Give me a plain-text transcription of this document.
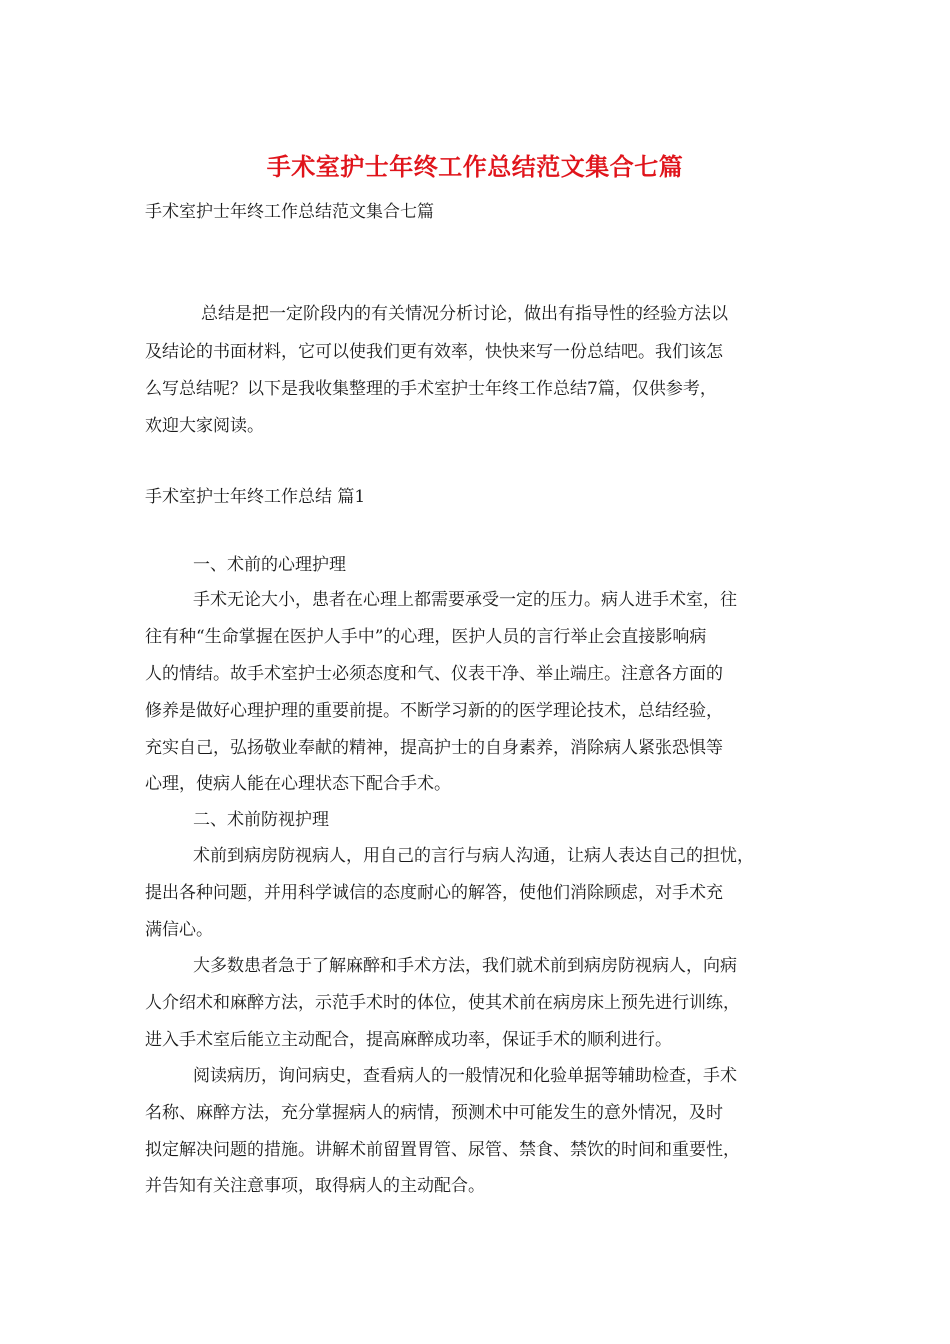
手术室护士年终工作总结范文集合七篇
手术室护士年终工作总结范文集合七篇
总结是把一定阶段内的有关情况分析讨论，做出有指导性的经验方法以
及结论的书面材料，它可以使我们更有效率，快快来写一份总结吧。我们该怎
么写总结呢？以下是我收集整理的手术室护士年终工作总结7篇，仅供参考，
欢迎大家阅读。
手术室护士年终工作总结 篇1
一、术前的心理护理
手术无论大小，患者在心理上都需要承受一定的压力。病人进手术室，往
往有种“生命掌握在医护人手中”的心理，医护人员的言行举止会直接影响病
人的情结。故手术室护士必须态度和气、仪表干净、举止端庄。注意各方面的
修养是做好心理护理的重要前提。不断学习新的的医学理论技术，总结经验，
充实自己，弘扬敬业奉献的精神，提高护士的自身素养，消除病人紧张恐惧等
心理，使病人能在心理状态下配合手术。
二、术前防视护理
术前到病房防视病人，用自己的言行与病人沟通，让病人表达自己的担忧，
提出各种问题，并用科学诚信的态度耐心的解答，使他们消除顾虑，对手术充
满信心。
大多数患者急于了解麻醉和手术方法，我们就术前到病房防视病人，向病
人介绍术和麻醉方法，示范手术时的体位，使其术前在病房床上预先进行训练，
进入手术室后能立主动配合，提高麻醉成功率，保证手术的顺利进行。
阅读病历，询问病史，查看病人的一般情况和化验单据等辅助检查，手术
名称、麻醉方法，充分掌握病人的病情，预测术中可能发生的意外情况，及时
拟定解决问题的措施。讲解术前留置胃管、尿管、禁食、禁饮的时间和重要性，
并告知有关注意事项，取得病人的主动配合。
